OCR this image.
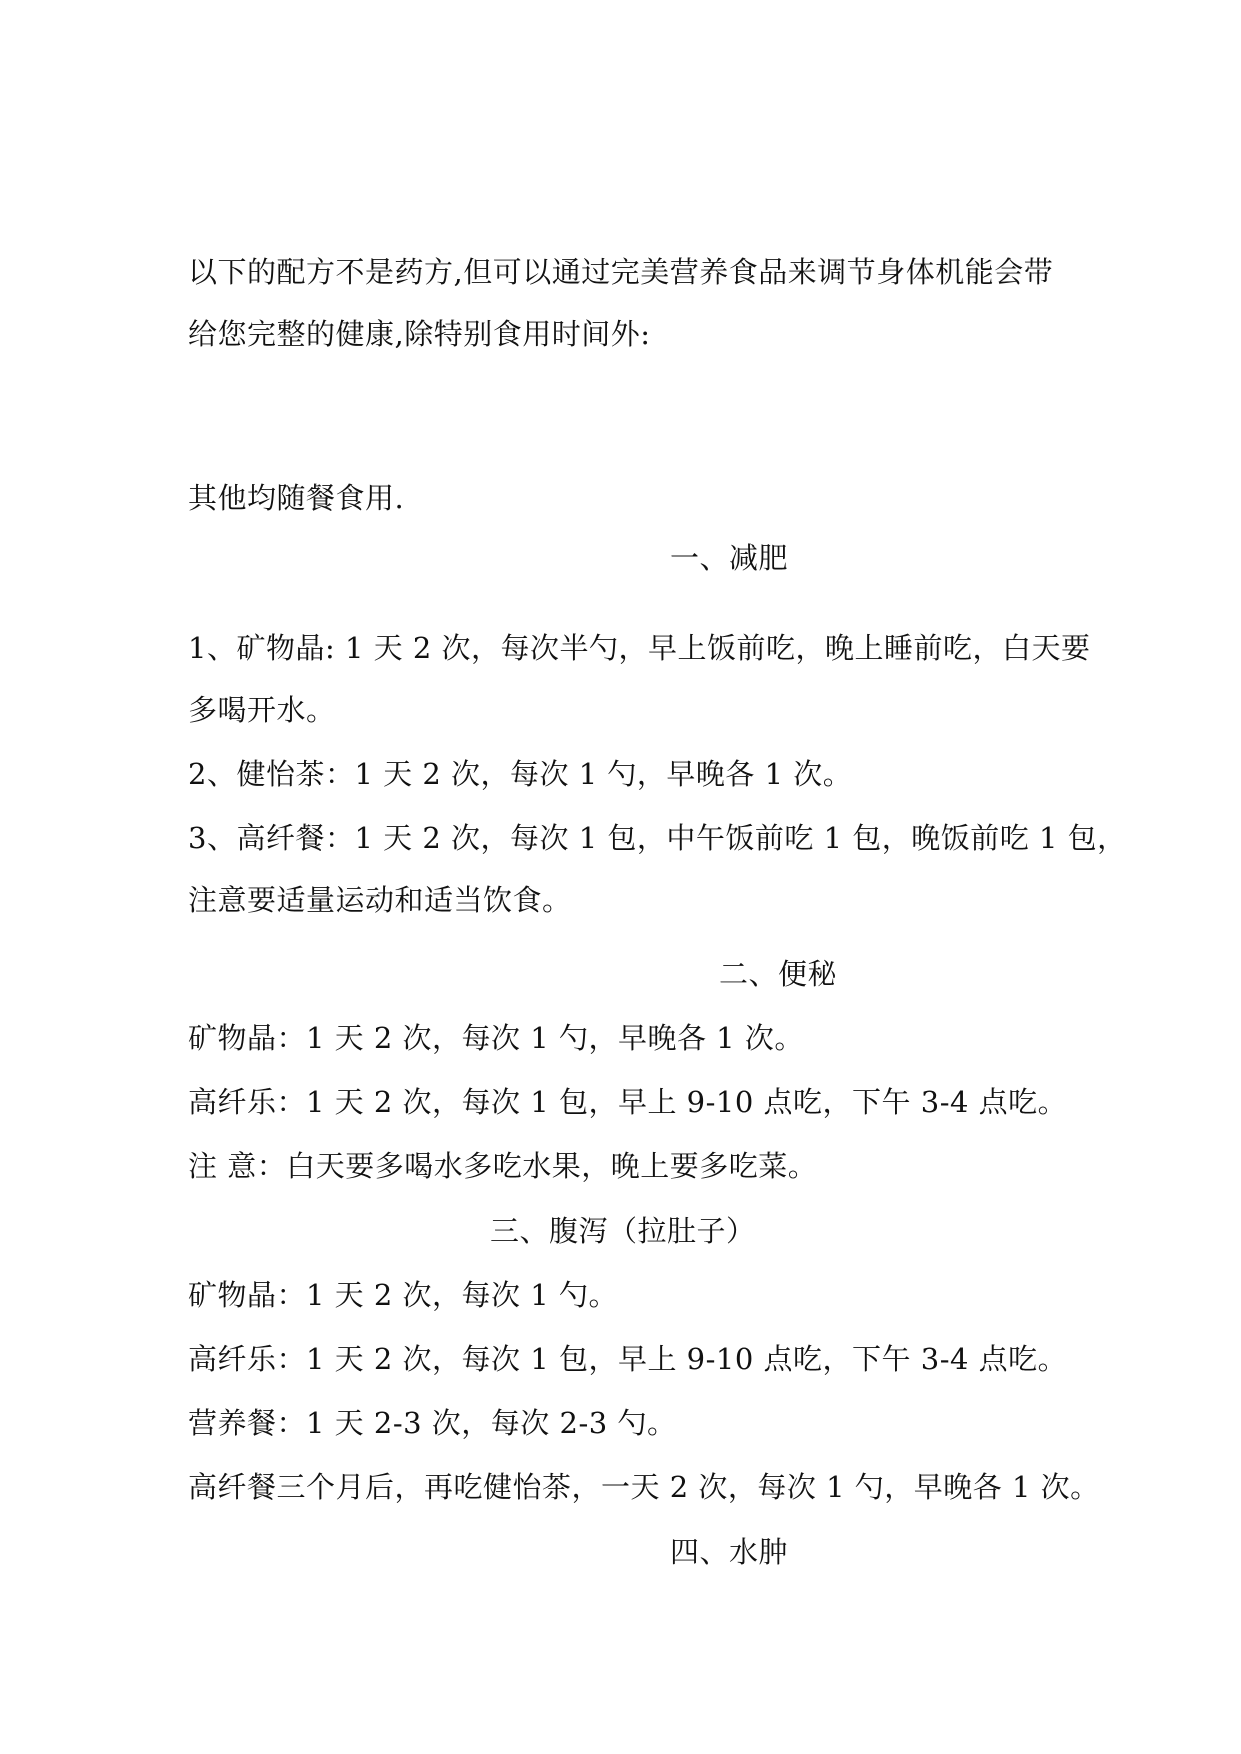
以下的配方不是药方,但可以通过完美营养食品来调节身体机能会带
给您完整的健康,除特别食用时间外:
其他均随餐食用.
一、减肥
1、矿物晶: 1 天 2 次，每次半勺，早上饭前吃，晚上睡前吃，白天要
多喝开水。
2、健怡茶：1 天 2 次，每次 1 勺，早晚各 1 次。
3、高纤餐：1 天 2 次，每次 1 包，中午饭前吃 1 包，晚饭前吃 1 包，
注意要适量运动和适当饮食。
二、便秘
矿物晶：1 天 2 次，每次 1 勺，早晚各 1 次。
高纤乐：1 天 2 次，每次 1 包，早上 9-10 点吃，下午 3-4 点吃。
注 意：白天要多喝水多吃水果，晚上要多吃菜。
三、腹泻（拉肚子）
矿物晶：1 天 2 次，每次 1 勺。
高纤乐：1 天 2 次，每次 1 包，早上 9-10 点吃，下午 3-4 点吃。
营养餐：1 天 2-3 次，每次 2-3 勺。
高纤餐三个月后，再吃健怡茶，一天 2 次，每次 1 勺，早晚各 1 次。
四、水肿
